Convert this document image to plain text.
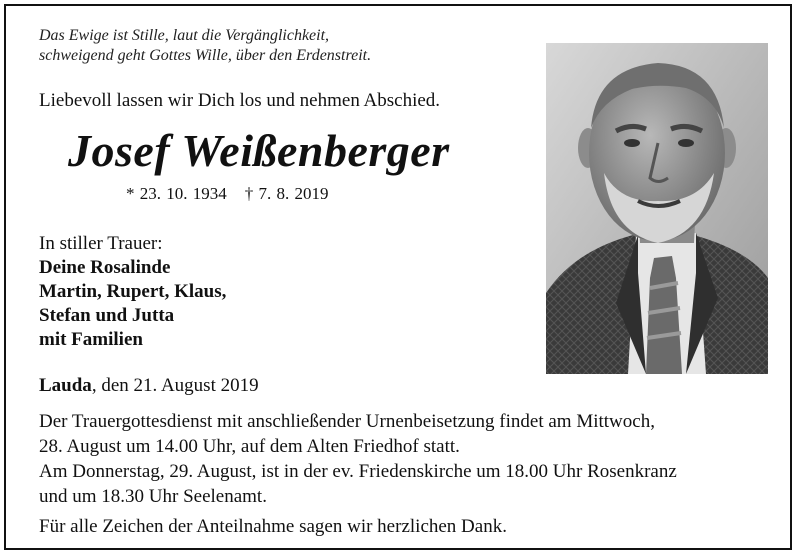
Das Ewige ist Stille, laut die Vergänglichkeit,
schweigend geht Gottes Wille, über den Erdenstreit.
Liebevoll lassen wir Dich los und nehmen Abschied.
Josef Weißenberger
* 23. 10. 1934 † 7. 8. 2019
In stiller Trauer:
Deine Rosalinde
Martin, Rupert, Klaus,
Stefan und Jutta
mit Familien
Lauda, den 21. August 2019
Der Trauergottesdienst mit anschließender Urnenbeisetzung findet am Mittwoch,
28. August um 14.00 Uhr, auf dem Alten Friedhof statt.
Am Donnerstag, 29. August, ist in der ev. Friedenskirche um 18.00 Uhr Rosenkranz
und um 18.30 Uhr Seelenamt.
Für alle Zeichen der Anteilnahme sagen wir herzlichen Dank.
